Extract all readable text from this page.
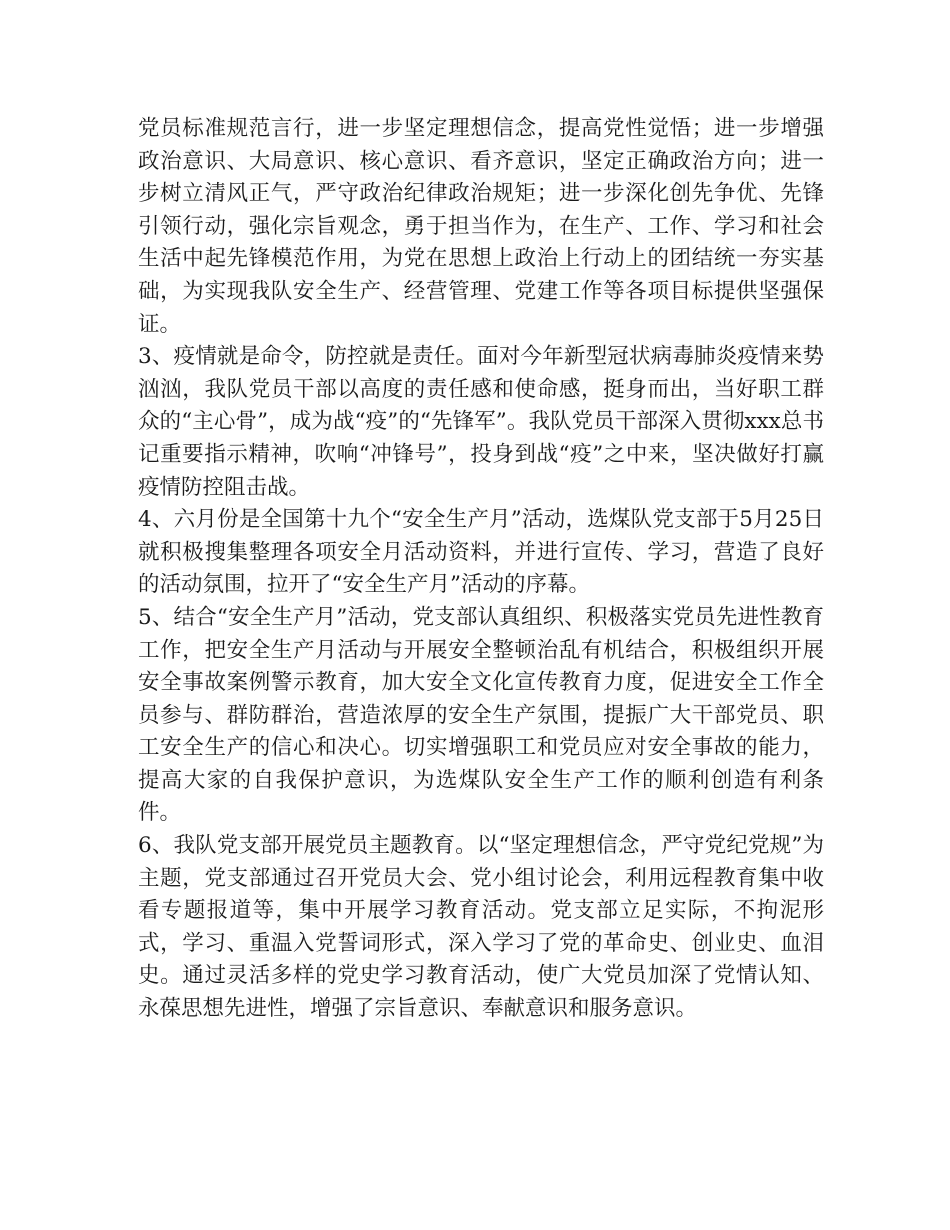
党员标准规范言行，进一步坚定理想信念，提高党性觉悟；进一步增强政治意识、大局意识、核心意识、看齐意识，坚定正确政治方向；进一步树立清风正气，严守政治纪律政治规矩；进一步深化创先争优、先锋引领行动，强化宗旨观念，勇于担当作为，在生产、工作、学习和社会生活中起先锋模范作用，为党在思想上政治上行动上的团结统一夯实基础，为实现我队安全生产、经营管理、党建工作等各项目标提供坚强保证。

3、疫情就是命令，防控就是责任。面对今年新型冠状病毒肺炎疫情来势汹汹，我队党员干部以高度的责任感和使命感，挺身而出，当好职工群众的“主心骨”，成为战“疫”的“先锋军”。我队党员干部深入贯彻xxx总书记重要指示精神，吹响“冲锋号”，投身到战“疫”之中来，坚决做好打赢疫情防控阻击战。

4、六月份是全国第十九个“安全生产月”活动，选煤队党支部于5月25日就积极搜集整理各项安全月活动资料，并进行宣传、学习，营造了良好的活动氛围，拉开了“安全生产月”活动的序幕。

5、结合“安全生产月”活动，党支部认真组织、积极落实党员先进性教育工作，把安全生产月活动与开展安全整顿治乱有机结合，积极组织开展安全事故案例警示教育，加大安全文化宣传教育力度，促进安全工作全员参与、群防群治，营造浓厚的安全生产氛围，提振广大干部党员、职工安全生产的信心和决心。切实增强职工和党员应对安全事故的能力，提高大家的自我保护意识，为选煤队安全生产工作的顺利创造有利条件。

6、我队党支部开展党员主题教育。以“坚定理想信念，严守党纪党规”为主题，党支部通过召开党员大会、党小组讨论会，利用远程教育集中收看专题报道等，集中开展学习教育活动。党支部立足实际，不拘泥形式，学习、重温入党誓词形式，深入学习了党的革命史、创业史、血泪史。通过灵活多样的党史学习教育活动，使广大党员加深了党情认知、永葆思想先进性，增强了宗旨意识、奉献意识和服务意识。
